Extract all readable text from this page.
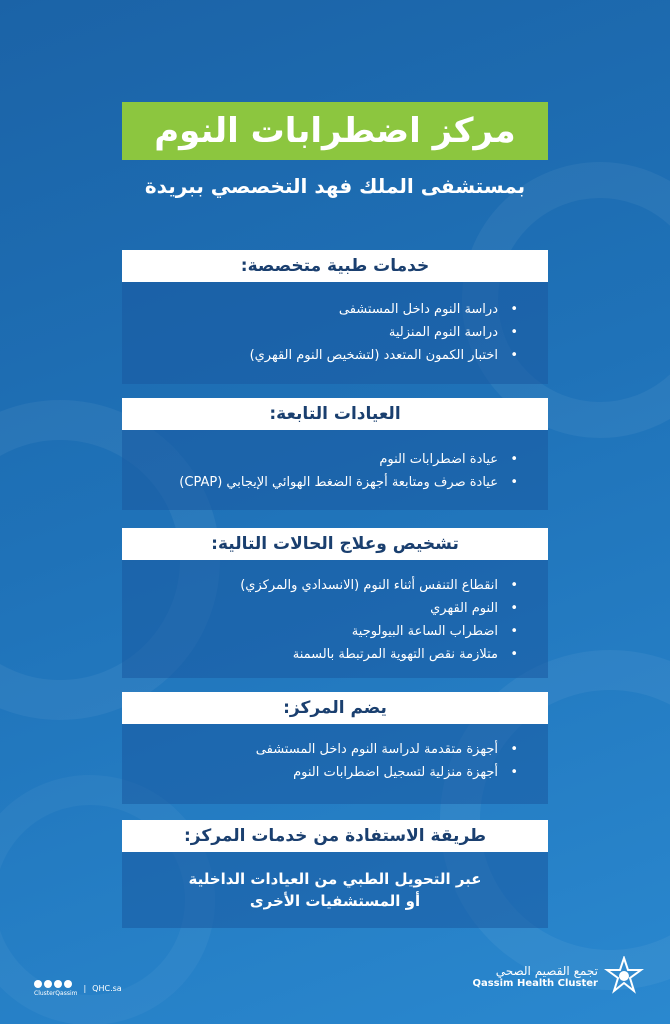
مركز اضطرابات النوم
بمستشفى الملك فهد التخصصي ببريدة
خدمات طبية متخصصة:
• دراسة النوم داخل المستشفى
• دراسة النوم المنزلية
• اختبار الكمون المتعدد (لتشخيص النوم القهري)
العيادات التابعة:
• عيادة اضطرابات النوم
• عيادة صرف ومتابعة أجهزة الضغط الهوائي الإيجابي (CPAP)
تشخيص وعلاج الحالات التالية:
• انقطاع التنفس أثناء النوم (الانسدادي والمركزي)
• النوم القهري
• اضطراب الساعة البيولوجية
• متلازمة نقص التهوية المرتبطة بالسمنة
يضم المركز:
• أجهزة متقدمة لدراسة النوم داخل المستشفى
• أجهزة منزلية لتسجيل اضطرابات النوم
طريقة الاستفادة من خدمات المركز:
عبر التحويل الطبي من العيادات الداخلية أو المستشفيات الأخرى
ClusterQassim
| QHC.sa
تجمع القصيم الصحي
Qassim Health Cluster
